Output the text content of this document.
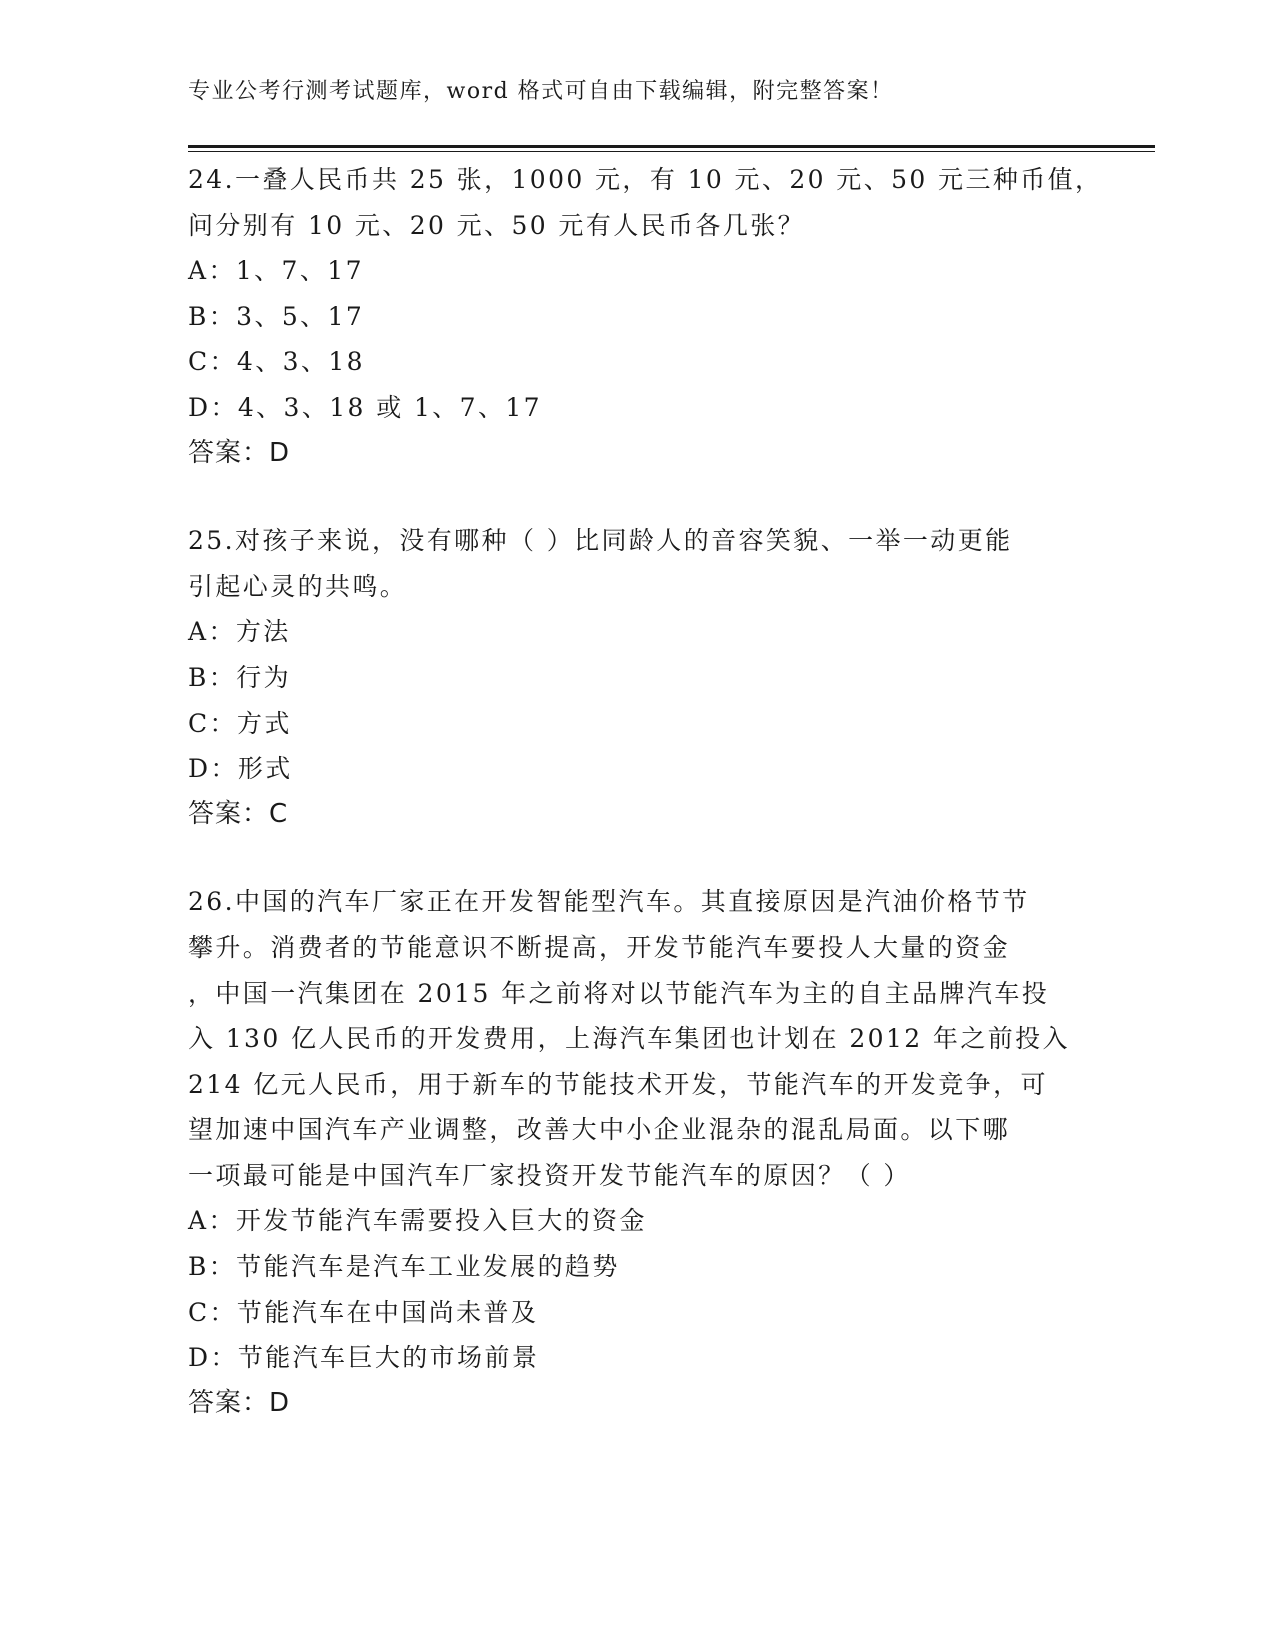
专业公考行测考试题库，word 格式可自由下载编辑，附完整答案！
24.一叠人民币共 25 张，1000 元，有 10 元、20 元、50 元三种币值，
问分别有 10 元、20 元、50 元有人民币各几张？
A：1、7、17
B：3、5、17
C：4、3、18
D：4、3、18 或 1、7、17
答案：D
25.对孩子来说，没有哪种（ ）比同龄人的音容笑貌、一举一动更能
引起心灵的共鸣。
A：方法
B：行为
C：方式
D：形式
答案：C
26.中国的汽车厂家正在开发智能型汽车。其直接原因是汽油价格节节
攀升。消费者的节能意识不断提高，开发节能汽车要投人大量的资金
，中国一汽集团在 2015 年之前将对以节能汽车为主的自主品牌汽车投
入 130 亿人民币的开发费用，上海汽车集团也计划在 2012 年之前投入
214 亿元人民币，用于新车的节能技术开发，节能汽车的开发竞争，可
望加速中国汽车产业调整，改善大中小企业混杂的混乱局面。以下哪
一项最可能是中国汽车厂家投资开发节能汽车的原因？（ ）
A：开发节能汽车需要投入巨大的资金
B：节能汽车是汽车工业发展的趋势
C：节能汽车在中国尚未普及
D：节能汽车巨大的市场前景
答案：D
